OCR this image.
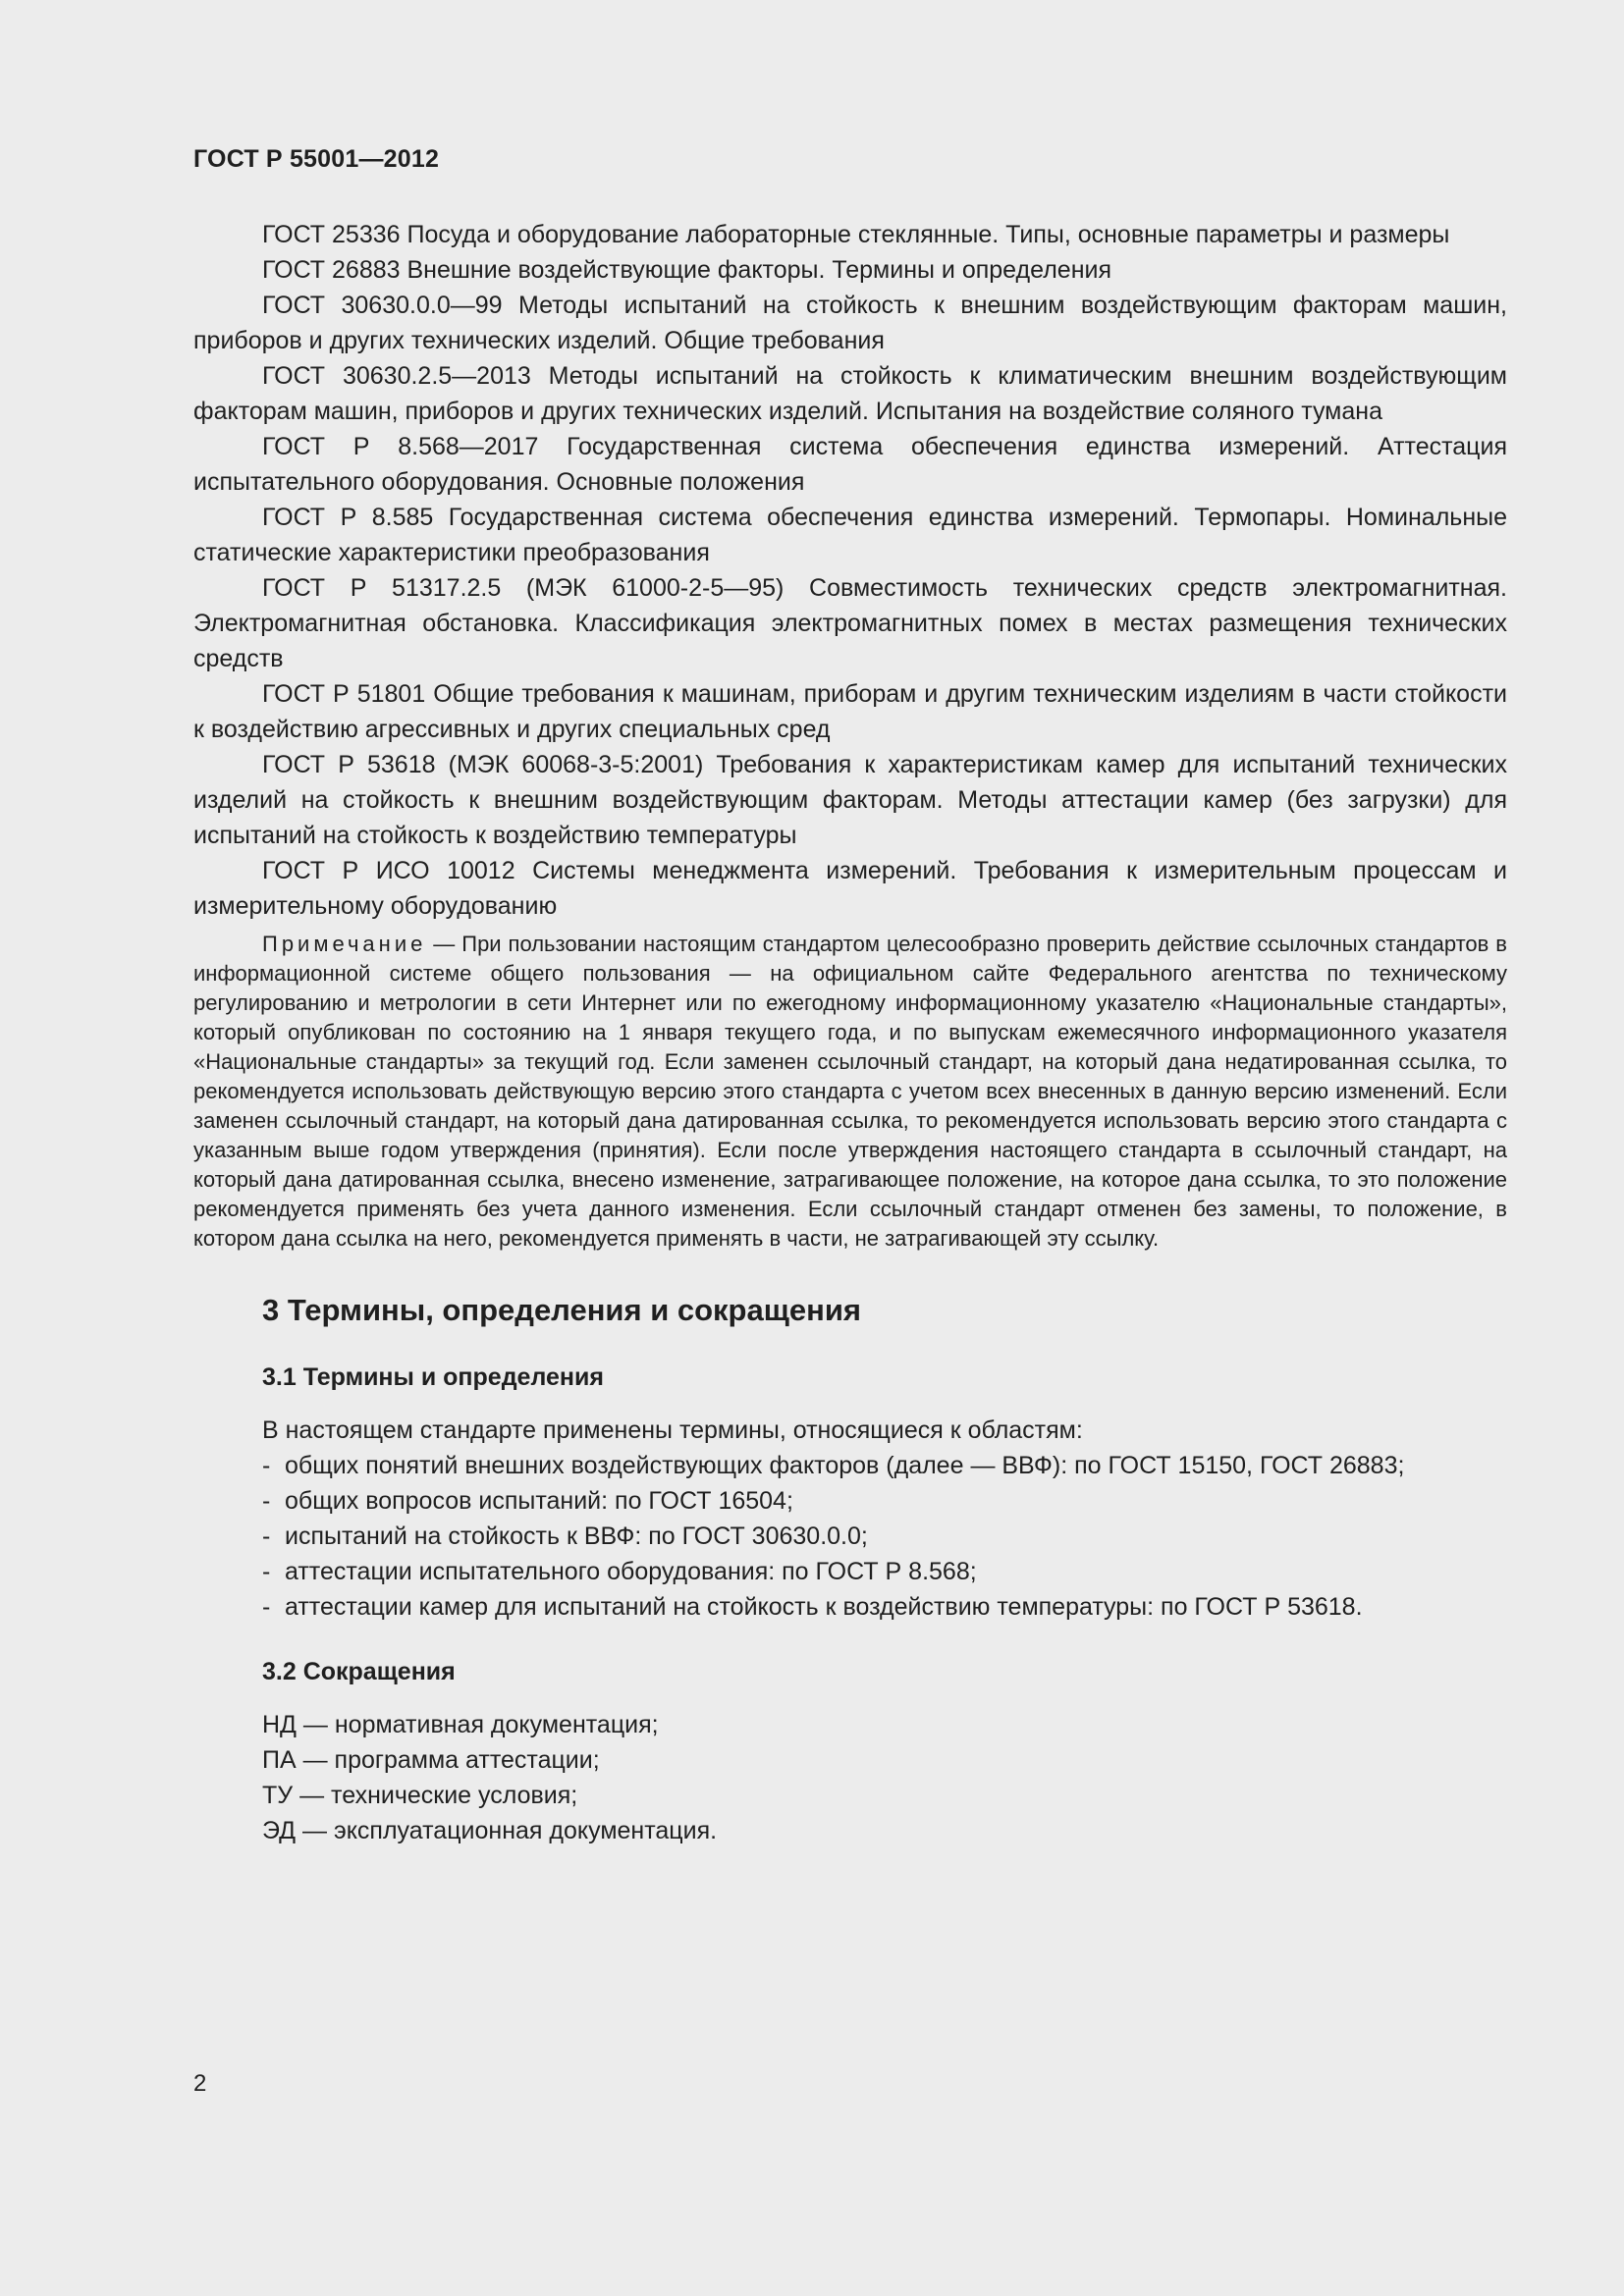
ГОСТ Р 55001—2012

ГОСТ 25336 Посуда и оборудование лабораторные стеклянные. Типы, основные параметры и размеры

ГОСТ 26883 Внешние воздействующие факторы. Термины и определения

ГОСТ 30630.0.0—99 Методы испытаний на стойкость к внешним воздействующим факторам машин, приборов и других технических изделий. Общие требования

ГОСТ 30630.2.5—2013 Методы испытаний на стойкость к климатическим внешним воздействующим факторам машин, приборов и других технических изделий. Испытания на воздействие соляного тумана

ГОСТ Р 8.568—2017 Государственная система обеспечения единства измерений. Аттестация испытательного оборудования. Основные положения

ГОСТ Р 8.585 Государственная система обеспечения единства измерений. Термопары. Номинальные статические характеристики преобразования

ГОСТ Р 51317.2.5 (МЭК 61000-2-5—95) Совместимость технических средств электромагнитная. Электромагнитная обстановка. Классификация электромагнитных помех в местах размещения технических средств

ГОСТ Р 51801 Общие требования к машинам, приборам и другим техническим изделиям в части стойкости к воздействию агрессивных и других специальных сред

ГОСТ Р 53618 (МЭК 60068-3-5:2001) Требования к характеристикам камер для испытаний технических изделий на стойкость к внешним воздействующим факторам. Методы аттестации камер (без загрузки) для испытаний на стойкость к воздействию температуры

ГОСТ Р ИСО 10012 Системы менеджмента измерений. Требования к измерительным процессам и измерительному оборудованию

Примечание — При пользовании настоящим стандартом целесообразно проверить действие ссылочных стандартов в информационной системе общего пользования — на официальном сайте Федерального агентства по техническому регулированию и метрологии в сети Интернет или по ежегодному информационному указателю «Национальные стандарты», который опубликован по состоянию на 1 января текущего года, и по выпускам ежемесячного информационного указателя «Национальные стандарты» за текущий год. Если заменен ссылочный стандарт, на который дана недатированная ссылка, то рекомендуется использовать действующую версию этого стандарта с учетом всех внесенных в данную версию изменений. Если заменен ссылочный стандарт, на который дана датированная ссылка, то рекомендуется использовать версию этого стандарта с указанным выше годом утверждения (принятия). Если после утверждения настоящего стандарта в ссылочный стандарт, на который дана датированная ссылка, внесено изменение, затрагивающее положение, на которое дана ссылка, то это положение рекомендуется применять без учета данного изменения. Если ссылочный стандарт отменен без замены, то положение, в котором дана ссылка на него, рекомендуется применять в части, не затрагивающей эту ссылку.
3 Термины, определения и сокращения
3.1 Термины и определения
В настоящем стандарте применены термины, относящиеся к областям:
- общих понятий внешних воздействующих факторов (далее — ВВФ): по ГОСТ 15150, ГОСТ 26883;
- общих вопросов испытаний: по ГОСТ 16504;
- испытаний на стойкость к ВВФ: по ГОСТ 30630.0.0;
- аттестации испытательного оборудования: по ГОСТ Р 8.568;
- аттестации камер для испытаний на стойкость к воздействию температуры: по ГОСТ Р 53618.
3.2 Сокращения
НД — нормативная документация;
ПА — программа аттестации;
ТУ — технические условия;
ЭД — эксплуатационная документация.
2
